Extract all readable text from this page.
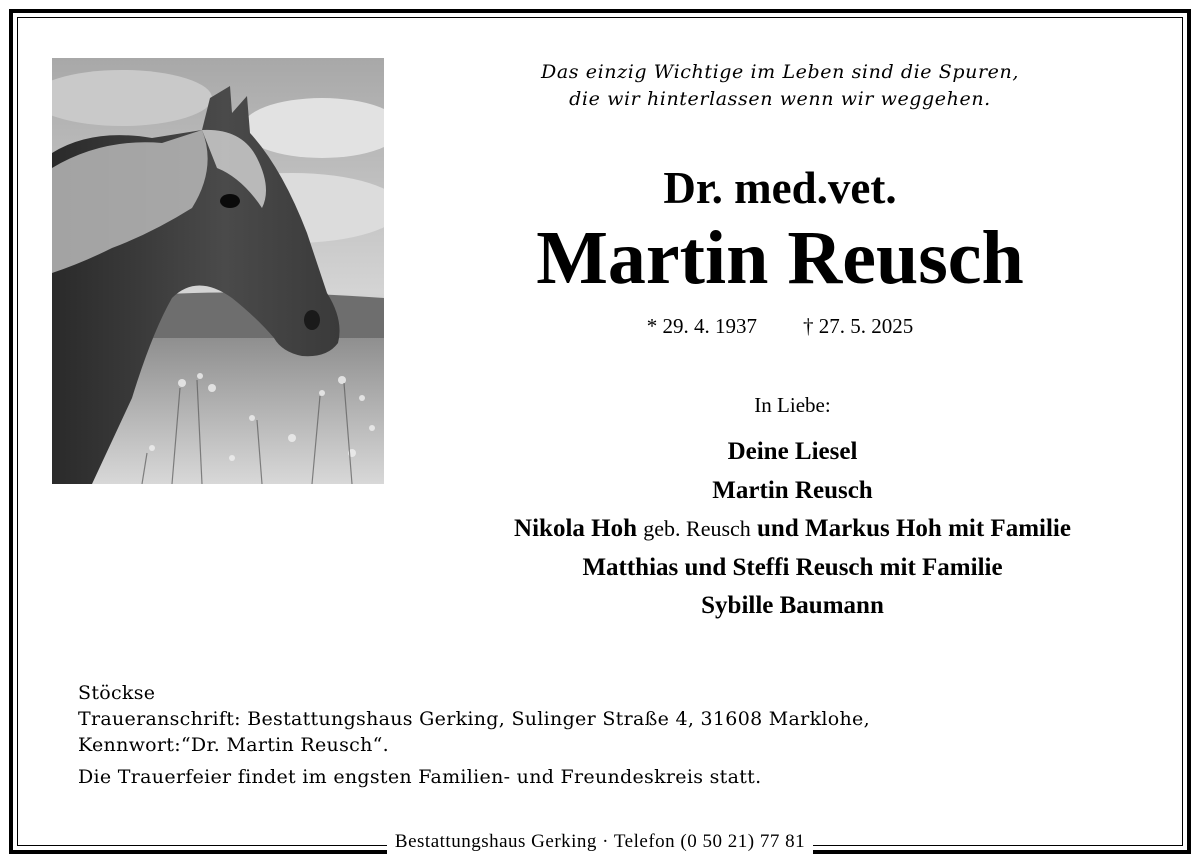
Das einzig Wichtige im Leben sind die Spuren,
die wir hinterlassen wenn wir weggehen.
Dr. med.vet.
Martin Reusch
* 29. 4. 1937 † 27. 5. 2025
In Liebe:
Deine Liesel
Martin Reusch
Nikola Hoh geb. Reusch und Markus Hoh mit Familie
Matthias und Steffi Reusch mit Familie
Sybille Baumann
Stöckse
Traueranschrift: Bestattungshaus Gerking, Sulinger Straße 4, 31608 Marklohe,
Kennwort:“Dr. Martin Reusch“.
Die Trauerfeier findet im engsten Familien- und Freundeskreis statt.
Bestattungshaus Gerking · Telefon (0 50 21) 77 81
